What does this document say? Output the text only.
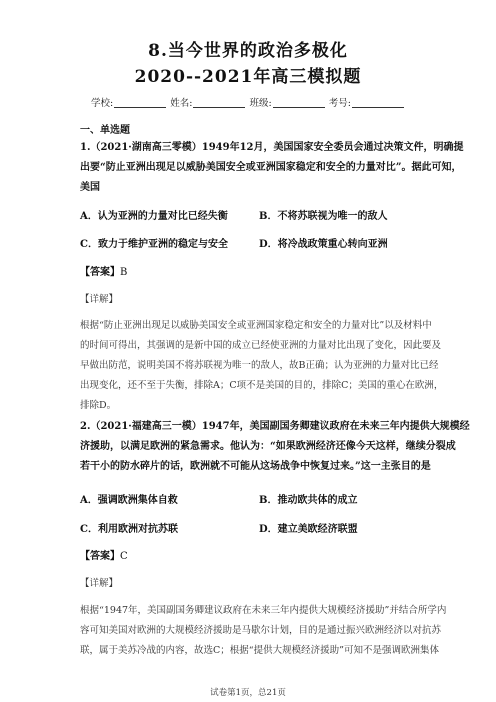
8.当今世界的政治多极化
2020--2021年高三模拟题
学校:	姓名:	班级:	考号:
一、单选题
1.（2021·湖南高三零模）1949年12月，美国国家安全委员会通过决策文件，明确提
出要“防止亚洲出现足以威胁美国安全或亚洲国家稳定和安全的力量对比”。据此可知，
美国
A．认为亚洲的力量对比已经失衡	B．不将苏联视为唯一的敌人
C．致力于维护亚洲的稳定与安全	D．将冷战政策重心转向亚洲
【答案】B
【详解】
根据“防止亚洲出现足以威胁美国安全或亚洲国家稳定和安全的力量对比”以及材料中
的时间可得出，其强调的是新中国的成立已经使亚洲的力量对比出现了变化，因此要及
早做出防范，说明美国不将苏联视为唯一的敌人，故B正确；认为亚洲的力量对比已经
出现变化，还不至于失衡，排除A；C项不是美国的目的，排除C；美国的重心在欧洲，
排除D。
2.（2021·福建高三一模）1947年，美国副国务卿建议政府在未来三年内提供大规模经
济援助，以满足欧洲的紧急需求。他认为：“如果欧洲经济还像今天这样，继续分裂成
若干小的防水碎片的话，欧洲就不可能从这场战争中恢复过来。”这一主张目的是
A．强调欧洲集体自救	B．推动欧共体的成立
C．利用欧洲对抗苏联	D．建立美欧经济联盟
【答案】C
【详解】
根据“1947年，美国副国务卿建议政府在未来三年内提供大规模经济援助”并结合所学内
容可知美国对欧洲的大规模经济援助是马歇尔计划，目的是通过振兴欧洲经济以对抗苏
联，属于美苏冷战的内容，故选C；根据“提供大规模经济援助”可知不是强调欧洲集体
试卷第1页，总21页
